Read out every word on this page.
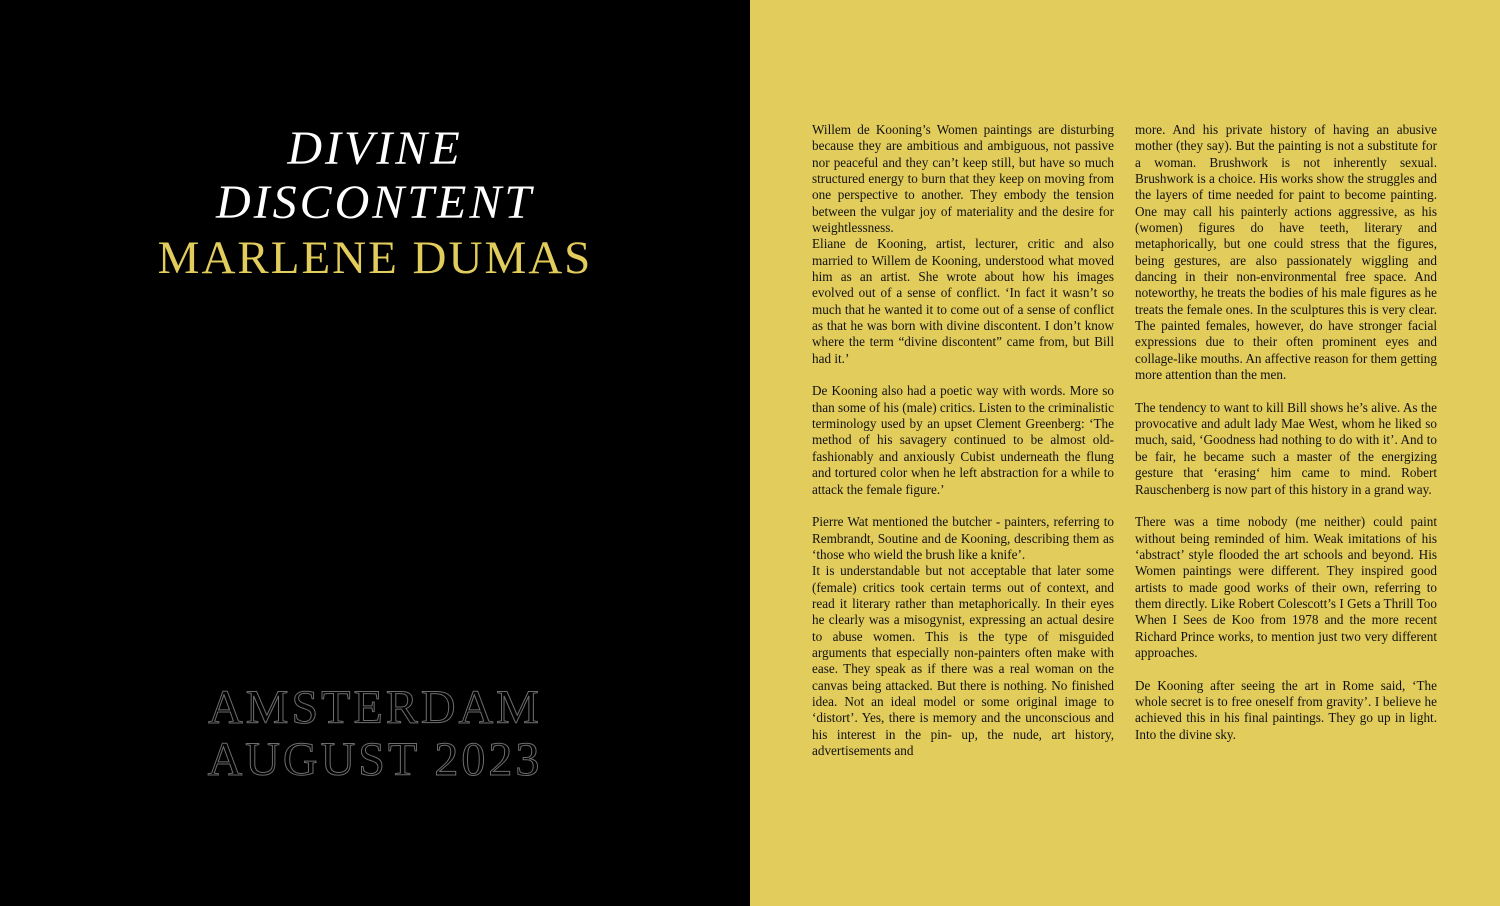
DIVINE
DISCONTENT
MARLENE DUMAS
AMSTERDAM
AUGUST 2023

Willem de Kooning’s Women paintings are disturbing because they are ambitious and ambiguous, not passive nor peaceful and they can’t keep still, but have so much structured energy to burn that they keep on moving from one perspective to another. They embody the tension between the vulgar joy of materiality and the desire for weightlessness.

Eliane de Kooning, artist, lecturer, critic and also married to Willem de Kooning, understood what moved him as an artist. She wrote about how his images evolved out of a sense of conflict. ‘In fact it wasn’t so much that he wanted it to come out of a sense of conflict as that he was born with divine discontent. I don’t know where the term “divine discontent” came from, but Bill had it.’

De Kooning also had a poetic way with words. More so than some of his (male) critics. Listen to the criminalistic terminology used by an upset Clement Greenberg: ‘The method of his savagery continued to be almost old-fashionably and anxiously Cubist underneath the flung and tortured color when he left abstraction for a while to attack the female figure.’

Pierre Wat mentioned the butcher - painters, referring to Rembrandt, Soutine and de Kooning, describing them as ‘those who wield the brush like a knife’.

It is understandable but not acceptable that later some (female) critics took certain terms out of context, and read it literary rather than metaphorically. In their eyes he clearly was a misogynist, expressing an actual desire to abuse women. This is the type of misguided arguments that especially non-painters often make with ease. They speak as if there was a real woman on the canvas being attacked. But there is nothing. No finished idea. Not an ideal model or some original image to ‘distort’. Yes, there is memory and the unconscious and his interest in the pin- up, the nude, art history, advertisements and

more. And his private history of having an abusive mother (they say). But the painting is not a substitute for a woman. Brushwork is not inherently sexual. Brushwork is a choice. His works show the struggles and the layers of time needed for paint to become painting. One may call his painterly actions aggressive, as his (women) figures do have teeth, literary and metaphorically, but one could stress that the figures, being gestures, are also passionately wiggling and dancing in their non-environmental free space. And noteworthy, he treats the bodies of his male figures as he treats the female ones. In the sculptures this is very clear. The painted females, however, do have stronger facial expressions due to their often prominent eyes and collage-like mouths. An affective reason for them getting more attention than the men.

The tendency to want to kill Bill shows he’s alive. As the provocative and adult lady Mae West, whom he liked so much, said, ‘Goodness had nothing to do with it’. And to be fair, he became such a master of the energizing gesture that ‘erasing‘ him came to mind. Robert Rauschenberg is now part of this history in a grand way.

There was a time nobody (me neither) could paint without being reminded of him. Weak imitations of his ‘abstract’ style flooded the art schools and beyond. His Women paintings were different. They inspired good artists to made good works of their own, referring to them directly. Like Robert Colescott’s I Gets a Thrill Too When I Sees de Koo from 1978 and the more recent Richard Prince works, to mention just two very different approaches.

De Kooning after seeing the art in Rome said, ‘The whole secret is to free oneself from gravity’. I believe he achieved this in his final paintings. They go up in light. Into the divine sky.
